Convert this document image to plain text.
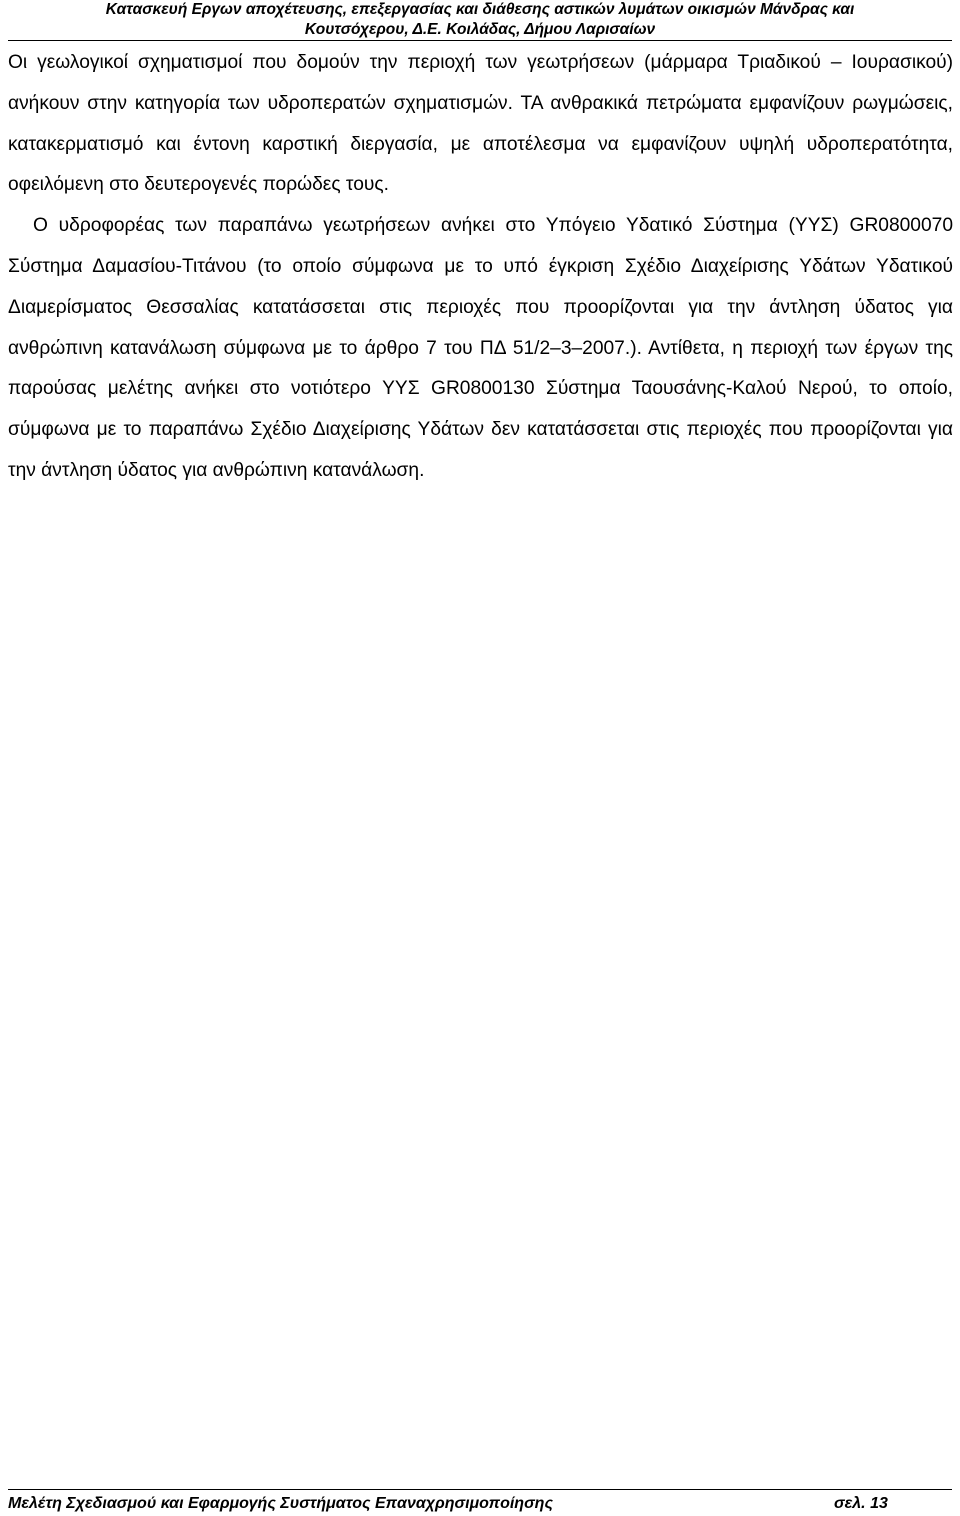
Κατασκευή Εργων αποχέτευσης, επεξεργασίας και διάθεσης αστικών λυμάτων οικισμών Μάνδρας και
Κουτσόχερου, Δ.Ε. Κοιλάδας, Δήμου Λαρισαίων

Οι γεωλογικοί σχηματισμοί που δομούν την περιοχή των γεωτρήσεων (μάρμαρα Τριαδικού – Ιουρασικού) ανήκουν στην κατηγορία των υδροπερατών σχηματισμών. ΤΑ ανθρακικά πετρώματα εμφανίζουν ρωγμώσεις, κατακερματισμό και έντονη καρστική διεργασία, με αποτέλεσμα να εμφανίζουν υψηλή υδροπερατότητα, οφειλόμενη στο δευτερογενές πορώδες τους.

Ο υδροφορέας των παραπάνω γεωτρήσεων ανήκει στο Υπόγειο Υδατικό Σύστημα (ΥΥΣ) GR0800070 Σύστημα Δαμασίου-Τιτάνου (το οποίο σύμφωνα με το υπό έγκριση Σχέδιο Διαχείρισης Υδάτων Υδατικού Διαμερίσματος Θεσσαλίας κατατάσσεται στις περιοχές που προορίζονται για την άντληση ύδατος για ανθρώπινη κατανάλωση σύμφωνα με το άρθρο 7 του ΠΔ 51/2–3–2007.). Αντίθετα, η περιοχή των έργων της παρούσας μελέτης ανήκει στο νοτιότερο ΥΥΣ GR0800130 Σύστημα Ταουσάνης-Καλού Νερού, το οποίο, σύμφωνα με το παραπάνω Σχέδιο Διαχείρισης Υδάτων δεν κατατάσσεται στις περιοχές που προορίζονται για την άντληση ύδατος για ανθρώπινη κατανάλωση.

Μελέτη Σχεδιασμού και Εφαρμογής Συστήματος Επαναχρησιμοποίησης	σελ. 13
